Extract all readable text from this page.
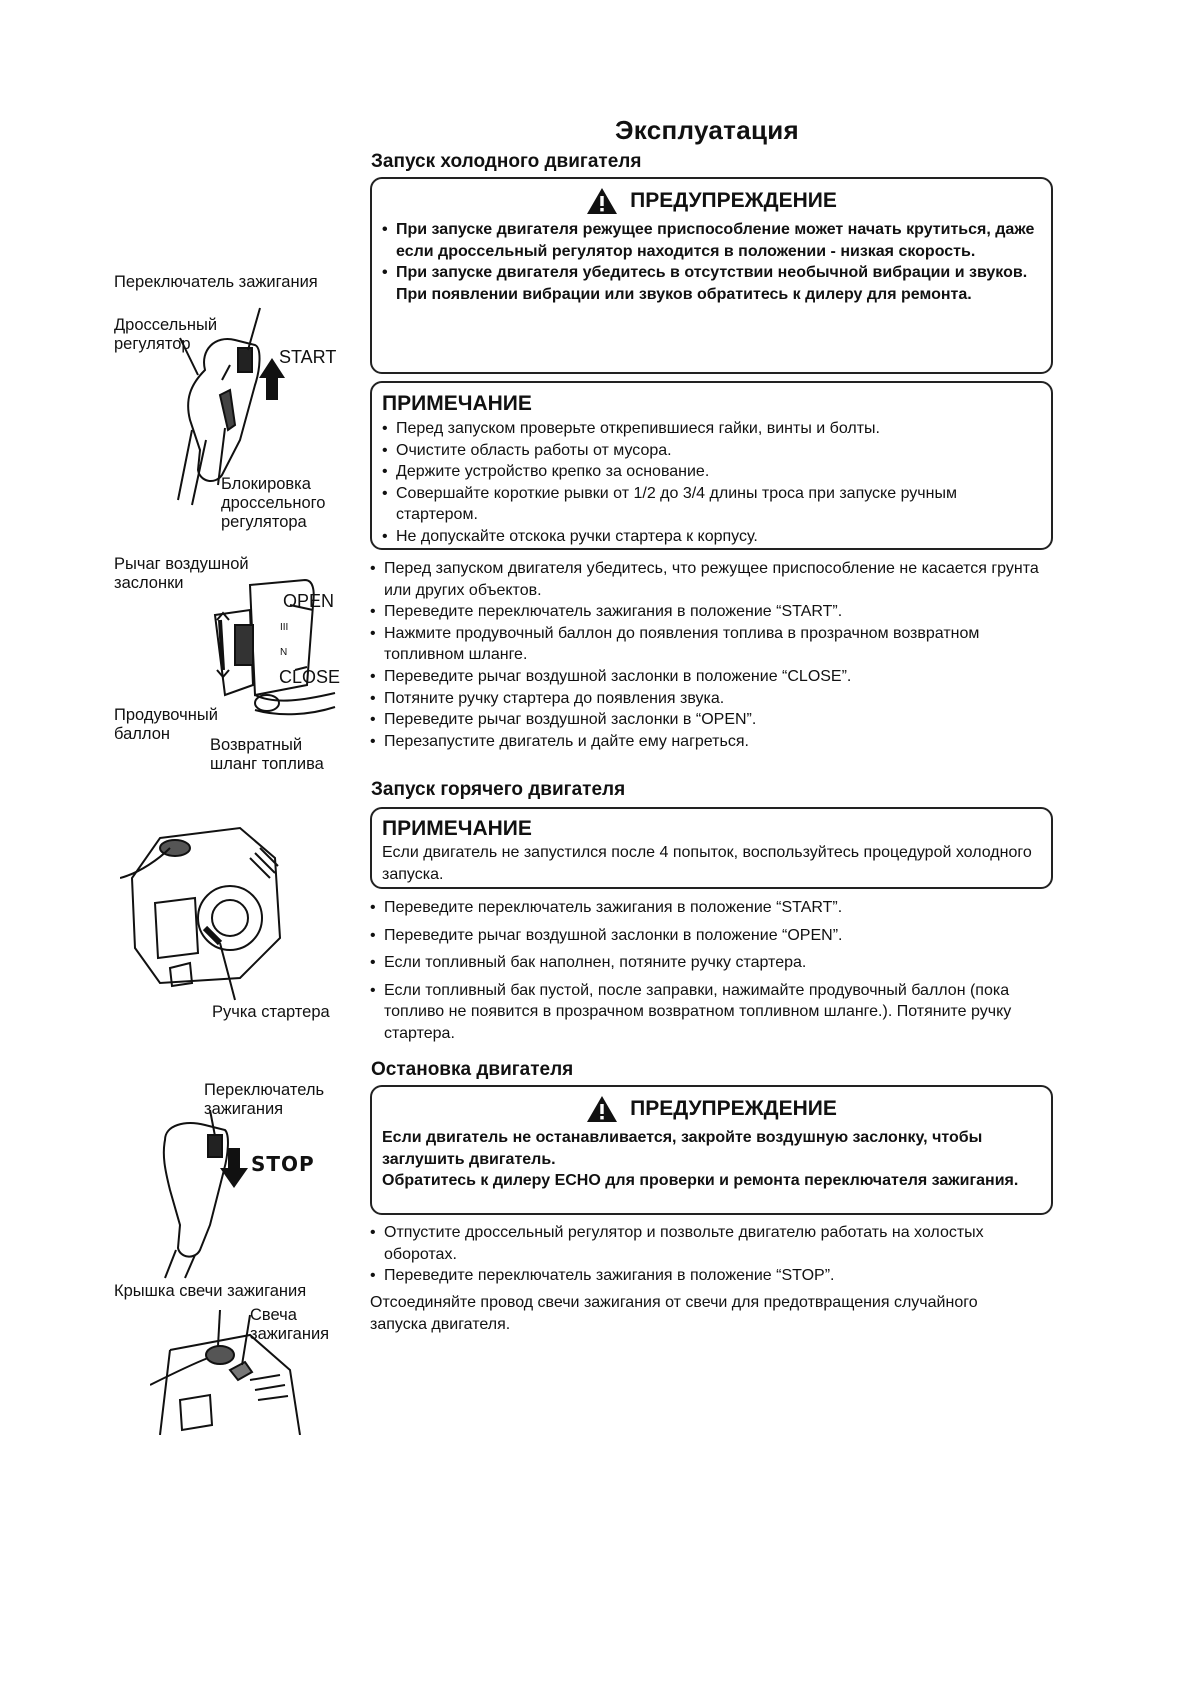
Эксплуатация
Запуск холодного двигателя
ПРЕДУПРЕЖДЕНИЕ
• При запуске двигателя режущее приспособление может начать крутиться, даже если дроссельный регулятор находится в положении - низкая скорость.
• При запуске двигателя убедитесь в отсутствии необычной вибрации и звуков.
При появлении вибрации или звуков обратитесь к дилеру для ремонта.
ПРИМЕЧАНИЕ
• Перед запуском проверьте открепившиеся гайки, винты и болты.
• Очистите область работы от мусора.
• Держите устройство крепко за основание.
• Совершайте короткие рывки от 1/2 до 3/4 длины троса при запуске ручным стартером.
• Не допускайте отскока ручки стартера к корпусу.
• Перед запуском двигателя убедитесь, что режущее приспособление не касается грунта или других объектов.
• Переведите переключатель зажигания в положение “START”.
• Нажмите продувочный баллон до появления топлива в прозрачном возвратном топливном шланге.
• Переведите рычаг воздушной заслонки в положение “CLOSE”.
• Потяните ручку стартера до появления звука.
• Переведите рычаг воздушной заслонки в “OPEN”.
• Перезапустите двигатель и дайте ему нагреться.
Запуск горячего двигателя
ПРИМЕЧАНИЕ
Если двигатель не запустился после 4 попыток, воспользуйтесь процедурой холодного запуска.
• Переведите переключатель зажигания в положение “START”.
• Переведите рычаг воздушной заслонки в положение “OPEN”.
• Если топливный бак наполнен, потяните ручку стартера.
• Если топливный бак пустой, после заправки, нажимайте продувочный баллон (пока топливо не появится в прозрачном возвратном топливном шланге.). Потяните ручку стартера.
Остановка двигателя
ПРЕДУПРЕЖДЕНИЕ
Если двигатель не останавливается, закройте воздушную заслонку, чтобы заглушить двигатель.
Обратитесь к дилеру ECHO для проверки и ремонта переключателя зажигания.
• Отпустите дроссельный регулятор и позвольте двигателю работать на холостых оборотах.
• Переведите переключатель зажигания в положение “STOP”.
Отсоединяйте провод свечи зажигания от свечи для предотвращения случайного запуска двигателя.
Переключатель зажигания
Дроссельный регулятор
START
Блокировка дроссельного регулятора
Рычаг воздушной заслонки
OPEN
CLOSE
Продувочный баллон
Возвратный шланг топлива
III
N
Ручка стартера
Переключатель зажигания
STOP
Крышка свечи зажигания
Свеча зажигания
